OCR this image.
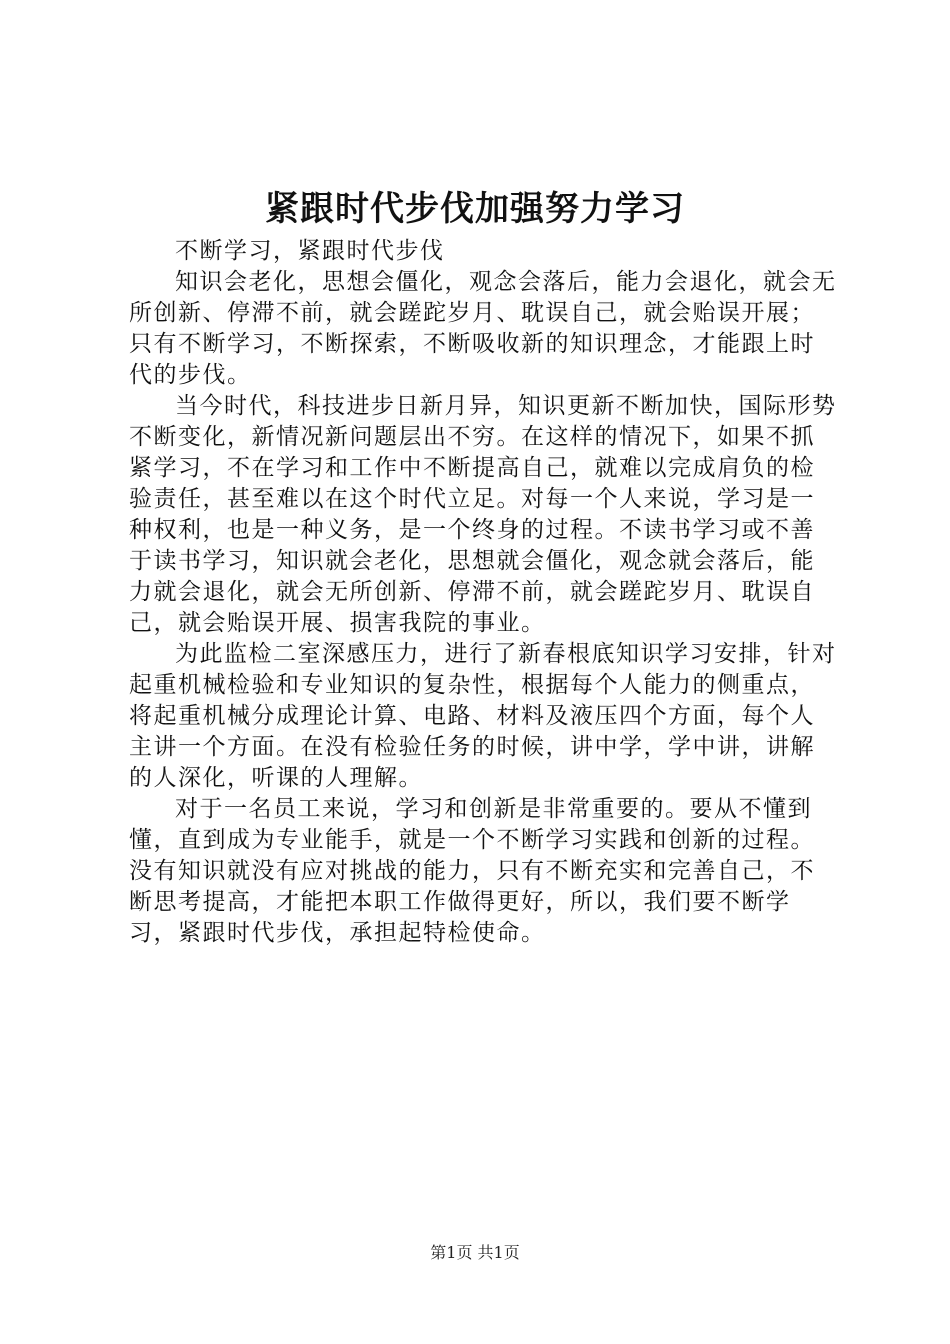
紧跟时代步伐加强努力学习

不断学习，紧跟时代步伐

知识会老化，思想会僵化，观念会落后，能力会退化，就会无所创新、停滞不前，就会蹉跎岁月、耽误自己，就会贻误开展；只有不断学习，不断探索，不断吸收新的知识理念，才能跟上时代的步伐。

当今时代，科技进步日新月异，知识更新不断加快，国际形势不断变化，新情况新问题层出不穷。在这样的情况下，如果不抓紧学习，不在学习和工作中不断提高自己，就难以完成肩负的检验责任，甚至难以在这个时代立足。对每一个人来说，学习是一种权利，也是一种义务，是一个终身的过程。不读书学习或不善于读书学习，知识就会老化，思想就会僵化，观念就会落后，能力就会退化，就会无所创新、停滞不前，就会蹉跎岁月、耽误自己，就会贻误开展、损害我院的事业。

为此监检二室深感压力，进行了新春根底知识学习安排，针对起重机械检验和专业知识的复杂性，根据每个人能力的侧重点，将起重机械分成理论计算、电路、材料及液压四个方面，每个人主讲一个方面。在没有检验任务的时候，讲中学，学中讲，讲解的人深化，听课的人理解。

对于一名员工来说，学习和创新是非常重要的。要从不懂到懂，直到成为专业能手，就是一个不断学习实践和创新的过程。没有知识就没有应对挑战的能力，只有不断充实和完善自己，不断思考提高，才能把本职工作做得更好，所以，我们要不断学习，紧跟时代步伐，承担起特检使命。

第1页 共1页
